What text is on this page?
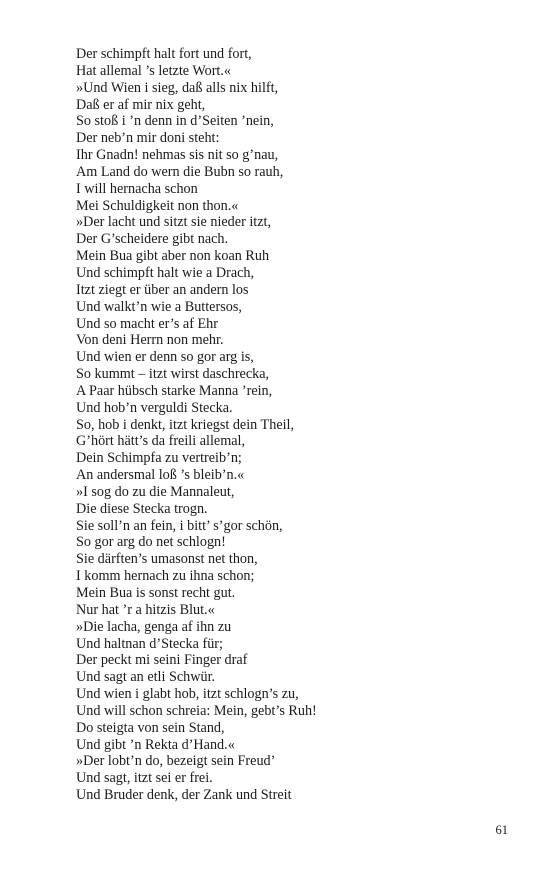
Der schimpft halt fort und fort,
Hat allemal ’s letzte Wort.«
»Und Wien i sieg, daß alls nix hilft,
Daß er af mir nix geht,
So stoß i ’n denn in d’Seiten ’nein,
Der neb’n mir doni steht:
Ihr Gnadn! nehmas sis nit so g’nau,
Am Land do wern die Bubn so rauh,
I will hernacha schon
Mei Schuldigkeit non thon.«
»Der lacht und sitzt sie nieder itzt,
Der G’scheidere gibt nach.
Mein Bua gibt aber non koan Ruh
Und schimpft halt wie a Drach,
Itzt ziegt er über an andern los
Und walkt’n wie a Buttersos,
Und so macht er’s af Ehr
Von deni Herrn non mehr.
Und wien er denn so gor arg is,
So kummt – itzt wirst daschrecka,
A Paar hübsch starke Manna ’rein,
Und hob’n verguldi Stecka.
So, hob i denkt, itzt kriegst dein Theil,
G’hört hätt’s da freili allemal,
Dein Schimpfa zu vertreib’n;
An andersmal loß ’s bleib’n.«
»I sog do zu die Mannaleut,
Die diese Stecka trogn.
Sie soll’n an fein, i bitt’ s’gor schön,
So gor arg do net schlogn!
Sie därften’s umasonst net thon,
I komm hernach zu ihna schon;
Mein Bua is sonst recht gut.
Nur hat ’r a hitzis Blut.«
»Die lacha, genga af ihn zu
Und haltnan d’Stecka für;
Der peckt mi seini Finger draf
Und sagt an etli Schwür.
Und wien i glabt hob, itzt schlogn’s zu,
Und will schon schreia: Mein, gebt’s Ruh!
Do steigta von sein Stand,
Und gibt ’n Rekta d’Hand.«
»Der lobt’n do, bezeigt sein Freud’
Und sagt, itzt sei er frei.
Und Bruder denk, der Zank und Streit
61
